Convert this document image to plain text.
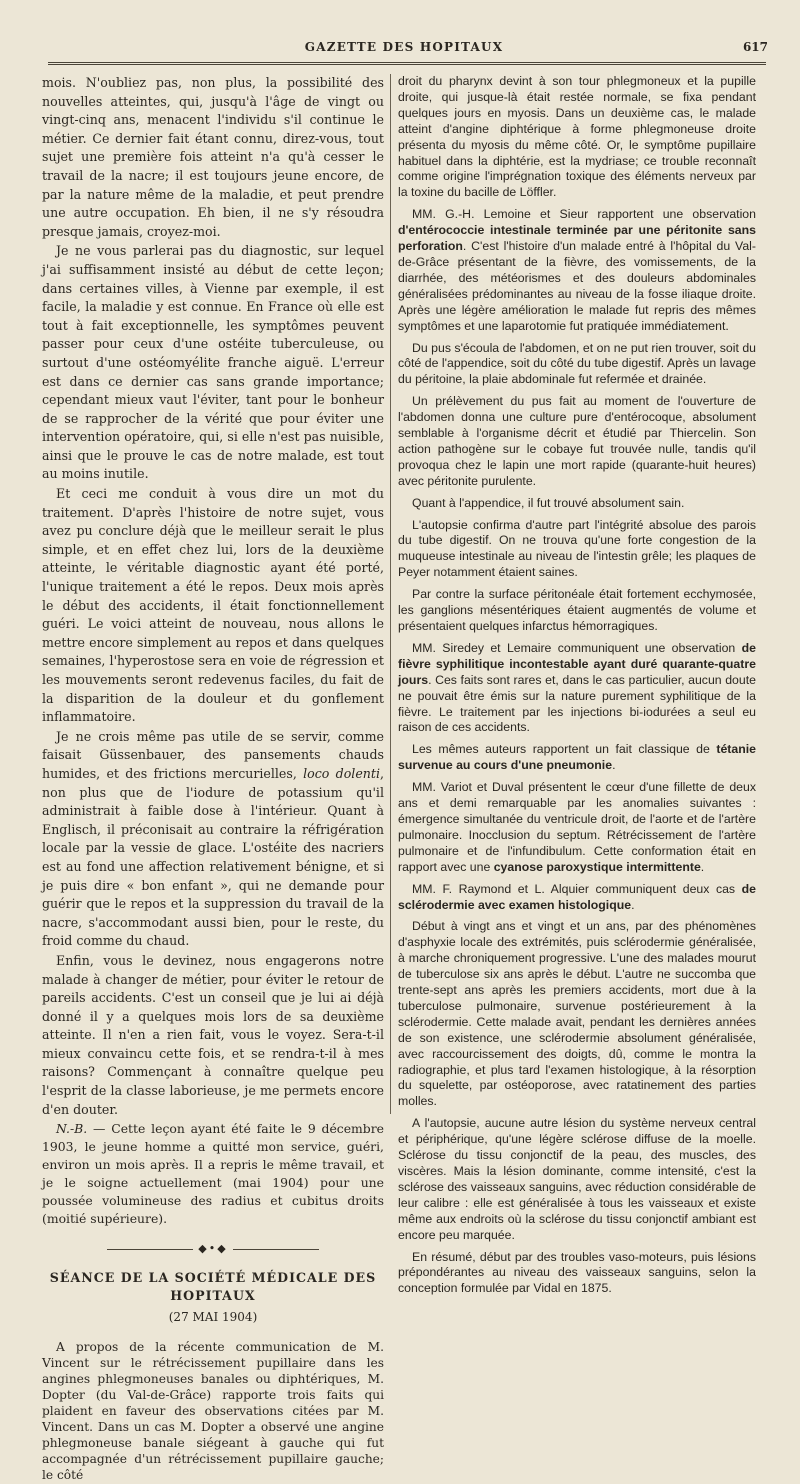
GAZETTE DES HOPITAUX	617

mois. N'oubliez pas, non plus, la possibilité des nouvelles atteintes, qui, jusqu'à l'âge de vingt ou vingt-cinq ans, menacent l'individu s'il continue le métier. Ce dernier fait étant connu, direz-vous, tout sujet une première fois atteint n'a qu'à cesser le travail de la nacre; il est toujours jeune encore, de par la nature même de la maladie, et peut prendre une autre occupation. Eh bien, il ne s'y résoudra presque jamais, croyez-moi.

Je ne vous parlerai pas du diagnostic, sur lequel j'ai suffisamment insisté au début de cette leçon; dans certaines villes, à Vienne par exemple, il est facile, la maladie y est connue. En France où elle est tout à fait exceptionnelle, les symptômes peuvent passer pour ceux d'une ostéite tuberculeuse, ou surtout d'une ostéomyélite franche aiguë. L'erreur est dans ce dernier cas sans grande importance; cependant mieux vaut l'éviter, tant pour le bonheur de se rapprocher de la vérité que pour éviter une intervention opératoire, qui, si elle n'est pas nuisible, ainsi que le prouve le cas de notre malade, est tout au moins inutile.

Et ceci me conduit à vous dire un mot du traitement. D'après l'histoire de notre sujet, vous avez pu conclure déjà que le meilleur serait le plus simple, et en effet chez lui, lors de la deuxième atteinte, le véritable diagnostic ayant été porté, l'unique traitement a été le repos. Deux mois après le début des accidents, il était fonctionnellement guéri. Le voici atteint de nouveau, nous allons le mettre encore simplement au repos et dans quelques semaines, l'hyperostose sera en voie de régression et les mouvements seront redevenus faciles, du fait de la disparition de la douleur et du gonflement inflammatoire.

Je ne crois même pas utile de se servir, comme faisait Güssenbauer, des pansements chauds humides, et des frictions mercurielles, loco dolenti, non plus que de l'iodure de potassium qu'il administrait à faible dose à l'intérieur. Quant à Englisch, il préconisait au contraire la réfrigération locale par la vessie de glace. L'ostéite des nacriers est au fond une affection relativement bénigne, et si je puis dire « bon enfant », qui ne demande pour guérir que le repos et la suppression du travail de la nacre, s'accommodant aussi bien, pour le reste, du froid comme du chaud.

Enfin, vous le devinez, nous engagerons notre malade à changer de métier, pour éviter le retour de pareils accidents. C'est un conseil que je lui ai déjà donné il y a quelques mois lors de sa deuxième atteinte. Il n'en a rien fait, vous le voyez. Sera-t-il mieux convaincu cette fois, et se rendra-t-il à mes raisons? Commençant à connaître quelque peu l'esprit de la classe laborieuse, je me permets encore d'en douter.

N.-B. — Cette leçon ayant été faite le 9 décembre 1903, le jeune homme a quitté mon service, guéri, environ un mois après. Il a repris le même travail, et je le soigne actuellement (mai 1904) pour une poussée volumineuse des radius et cubitus droits (moitié supérieure).

◆•◆
SÉANCE DE LA SOCIÉTÉ MÉDICALE DES HOPITAUX
(27 MAI 1904)

A propos de la récente communication de M. Vincent sur le rétrécissement pupillaire dans les angines phlegmoneuses banales ou diphtériques, M. Dopter (du Val-de-Grâce) rapporte trois faits qui plaident en faveur des observations citées par M. Vincent. Dans un cas M. Dopter a observé une angine phlegmoneuse banale siégeant à gauche qui fut accompagnée d'un rétrécissement pupillaire gauche; le côté

droit du pharynx devint à son tour phlegmoneux et la pupille droite, qui jusque-là était restée normale, se fixa pendant quelques jours en myosis. Dans un deuxième cas, le malade atteint d'angine diphtérique à forme phlegmoneuse droite présenta du myosis du même côté. Or, le symptôme pupillaire habituel dans la diphtérie, est la mydriase; ce trouble reconnaît comme origine l'imprégnation toxique des éléments nerveux par la toxine du bacille de Löffler.

MM. G.-H. Lemoine et Sieur rapportent une observation d'entérococcie intestinale terminée par une péritonite sans perforation. C'est l'histoire d'un malade entré à l'hôpital du Val-de-Grâce présentant de la fièvre, des vomissements, de la diarrhée, des météorismes et des douleurs abdominales généralisées prédominantes au niveau de la fosse iliaque droite. Après une légère amélioration le malade fut repris des mêmes symptômes et une laparotomie fut pratiquée immédiatement.

Du pus s'écoula de l'abdomen, et on ne put rien trouver, soit du côté de l'appendice, soit du côté du tube digestif. Après un lavage du péritoine, la plaie abdominale fut refermée et drainée.

Un prélèvement du pus fait au moment de l'ouverture de l'abdomen donna une culture pure d'entérocoque, absolument semblable à l'organisme décrit et étudié par Thiercelin. Son action pathogène sur le cobaye fut trouvée nulle, tandis qu'il provoqua chez le lapin une mort rapide (quarante-huit heures) avec péritonite purulente.

Quant à l'appendice, il fut trouvé absolument sain.

L'autopsie confirma d'autre part l'intégrité absolue des parois du tube digestif. On ne trouva qu'une forte congestion de la muqueuse intestinale au niveau de l'intestin grêle; les plaques de Peyer notamment étaient saines.

Par contre la surface péritonéale était fortement ecchymosée, les ganglions mésentériques étaient augmentés de volume et présentaient quelques infarctus hémorragiques.

MM. Siredey et Lemaire communiquent une observation de fièvre syphilitique incontestable ayant duré quarante-quatre jours. Ces faits sont rares et, dans le cas particulier, aucun doute ne pouvait être émis sur la nature purement syphilitique de la fièvre. Le traitement par les injections bi-iodurées a seul eu raison de ces accidents.

Les mêmes auteurs rapportent un fait classique de tétanie survenue au cours d'une pneumonie.

MM. Variot et Duval présentent le cœur d'une fillette de deux ans et demi remarquable par les anomalies suivantes : émergence simultanée du ventricule droit, de l'aorte et de l'artère pulmonaire. Inocclusion du septum. Rétrécissement de l'artère pulmonaire et de l'infundibulum. Cette conformation était en rapport avec une cyanose paroxystique intermittente.

MM. F. Raymond et L. Alquier communiquent deux cas de sclérodermie avec examen histologique.

Début à vingt ans et vingt et un ans, par des phénomènes d'asphyxie locale des extrémités, puis sclérodermie généralisée, à marche chroniquement progressive. L'une des malades mourut de tuberculose six ans après le début. L'autre ne succomba que trente-sept ans après les premiers accidents, mort due à la tuberculose pulmonaire, survenue postérieurement à la sclérodermie. Cette malade avait, pendant les dernières années de son existence, une sclérodermie absolument généralisée, avec raccourcissement des doigts, dû, comme le montra la radiographie, et plus tard l'examen histologique, à la résorption du squelette, par ostéoporose, avec ratatinement des parties molles.

A l'autopsie, aucune autre lésion du système nerveux central et périphérique, qu'une légère sclérose diffuse de la moelle. Sclérose du tissu conjonctif de la peau, des muscles, des viscères. Mais la lésion dominante, comme intensité, c'est la sclérose des vaisseaux sanguins, avec réduction considérable de leur calibre : elle est généralisée à tous les vaisseaux et existe même aux endroits où la sclérose du tissu conjonctif ambiant est encore peu marquée.

En résumé, début par des troubles vaso-moteurs, puis lésions prépondérantes au niveau des vaisseaux sanguins, selon la conception formulée par Vidal en 1875.
